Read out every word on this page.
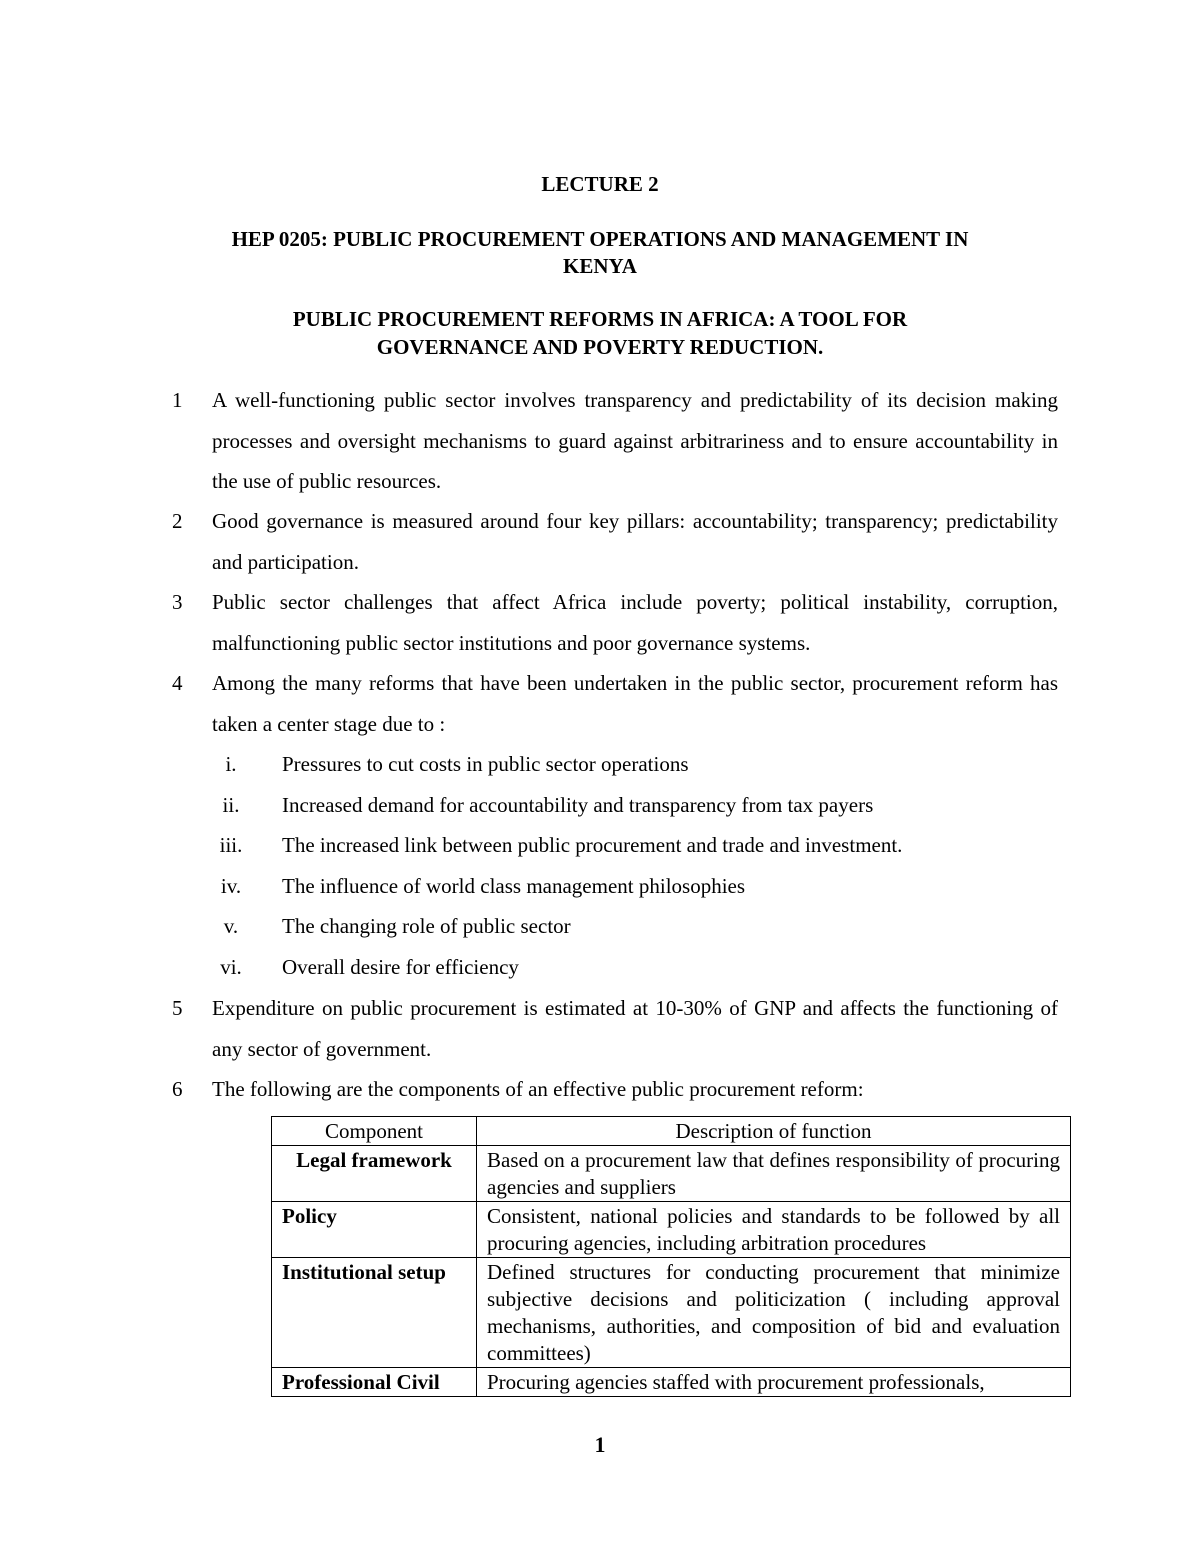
LECTURE 2
HEP 0205: PUBLIC PROCUREMENT OPERATIONS AND MANAGEMENT IN
KENYA
PUBLIC PROCUREMENT REFORMS IN AFRICA: A TOOL FOR
GOVERNANCE AND POVERTY REDUCTION.
1 A well-functioning public sector involves transparency and predictability of its decision making processes and oversight mechanisms to guard against arbitrariness and to ensure accountability in the use of public resources.
2 Good governance is measured around four key pillars: accountability; transparency; predictability and participation.
3 Public sector challenges that affect Africa include poverty; political instability, corruption, malfunctioning public sector institutions and poor governance systems.
4 Among the many reforms that have been undertaken in the public sector, procurement reform has taken a center stage due to :
i. Pressures to cut costs in public sector operations
ii. Increased demand for accountability and transparency from tax payers
iii. The increased link between public procurement and trade and investment.
iv. The influence of world class management philosophies
v. The changing role of public sector
vi. Overall desire for efficiency
5 Expenditure on public procurement is estimated at 10-30% of GNP and affects the functioning of any sector of government.
6 The following are the components of an effective public procurement reform:
Component	Description of function
Legal framework	Based on a procurement law that defines responsibility of procuring agencies and suppliers
Policy	Consistent, national policies and standards to be followed by all procuring agencies, including arbitration procedures
Institutional setup	Defined structures for conducting procurement that minimize subjective decisions and politicization ( including approval mechanisms, authorities, and composition of bid and evaluation committees)
Professional Civil	Procuring agencies staffed with procurement professionals,
1
